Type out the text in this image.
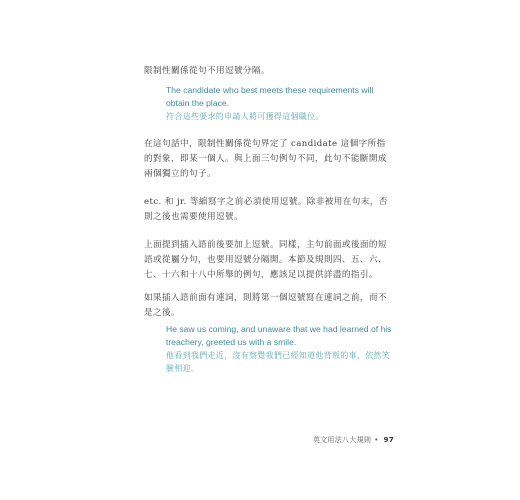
限制性關係從句不用逗號分隔。

The candidate who best meets these requirements will obtain the place.

符合這些要求的申請人將可獲得這個職位。

在這句話中，限制性關係從句界定了 candidate 這個字所指的對象，即某一個人。與上面三句例句不同，此句不能斷開成兩個獨立的句子。

etc. 和 jr. 等縮寫字之前必須使用逗號。除非被用在句末，否則之後也需要使用逗號。

上面提到插入語前後要加上逗號。同樣，主句前面或後面的短語或從屬分句，也要用逗號分隔開。本節及規則四、五、六、七、十六和十八中所舉的例句，應該足以提供詳盡的指引。

如果插入語前面有連詞，則將第一個逗號寫在連詞之前，而不是之後。

He saw us coming, and unaware that we had learned of his treachery, greeted us with a smile.

他看到我們走近，沒有察覺我們已經知道他背叛的事，依然笑臉相迎。

英文用法八大規則 • 97
